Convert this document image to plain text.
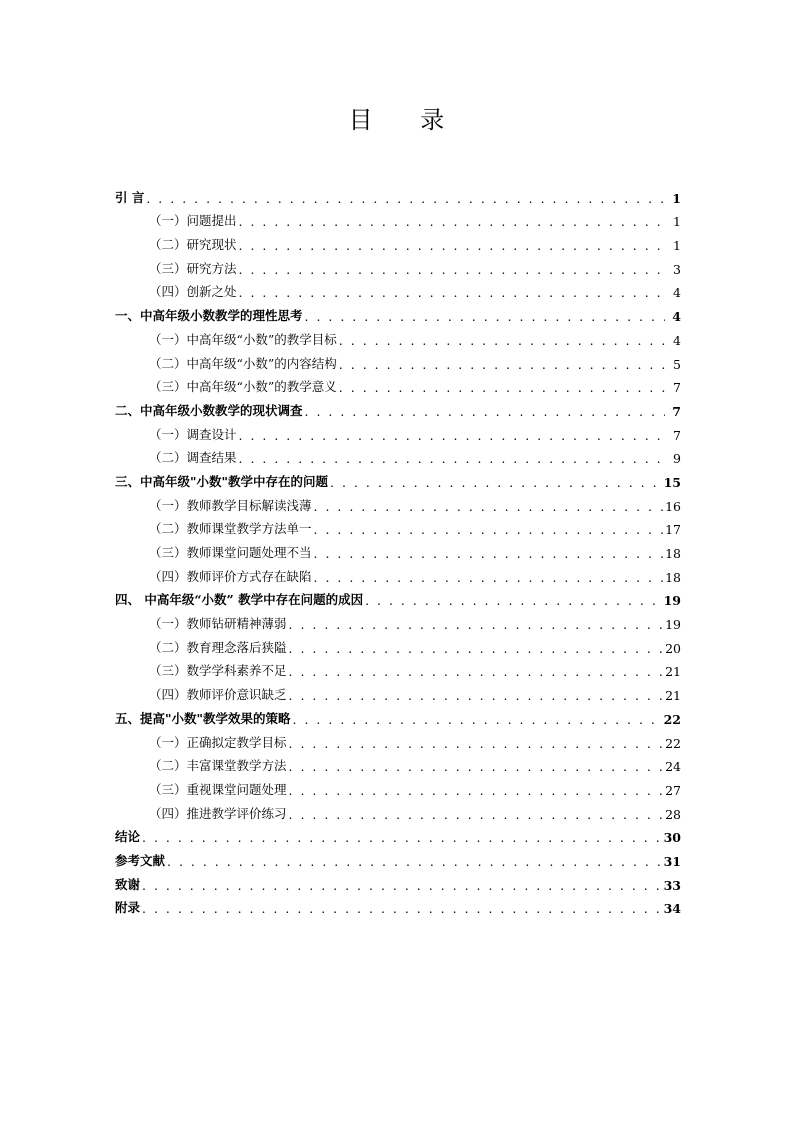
目 录
引 言 . . .	1
（一）问题提出 . . .	1
（二）研究现状 . . .	1
（三）研究方法 . . .	3
（四）创新之处 . . .	4
一、中高年级小数教学的理性思考 . . .	4
（一）中高年级“小数”的教学目标 . . .	4
（二）中高年级“小数”的内容结构 . . .	5
（三）中高年级“小数”的教学意义 . . .	7
二、中高年级小数教学的现状调查 . . .	7
（一）调查设计 . . .	7
（二）调查结果 . . .	9
三、中高年级"小数"教学中存在的问题 . . .	15
（一）教师教学目标解读浅薄 . . .	16
（二）教师课堂教学方法单一 . . .	17
（三）教师课堂问题处理不当 . . .	18
（四）教师评价方式存在缺陷 . . .	18
四、 中高年级“小数” 教学中存在问题的成因 . . .	19
（一）教师钻研精神薄弱 . . .	19
（二）教育理念落后狭隘 . . .	20
（三）数学学科素养不足 . . .	21
（四）教师评价意识缺乏 . . .	21
五、提高"小数"教学效果的策略 . . .	22
（一）正确拟定教学目标 . . .	22
（二）丰富课堂教学方法 . . .	24
（三）重视课堂问题处理 . . .	27
（四）推进教学评价练习 . . .	28
结论 . . .	30
参考文献 . . .	31
致谢 . . .	33
附录 . . .	34
